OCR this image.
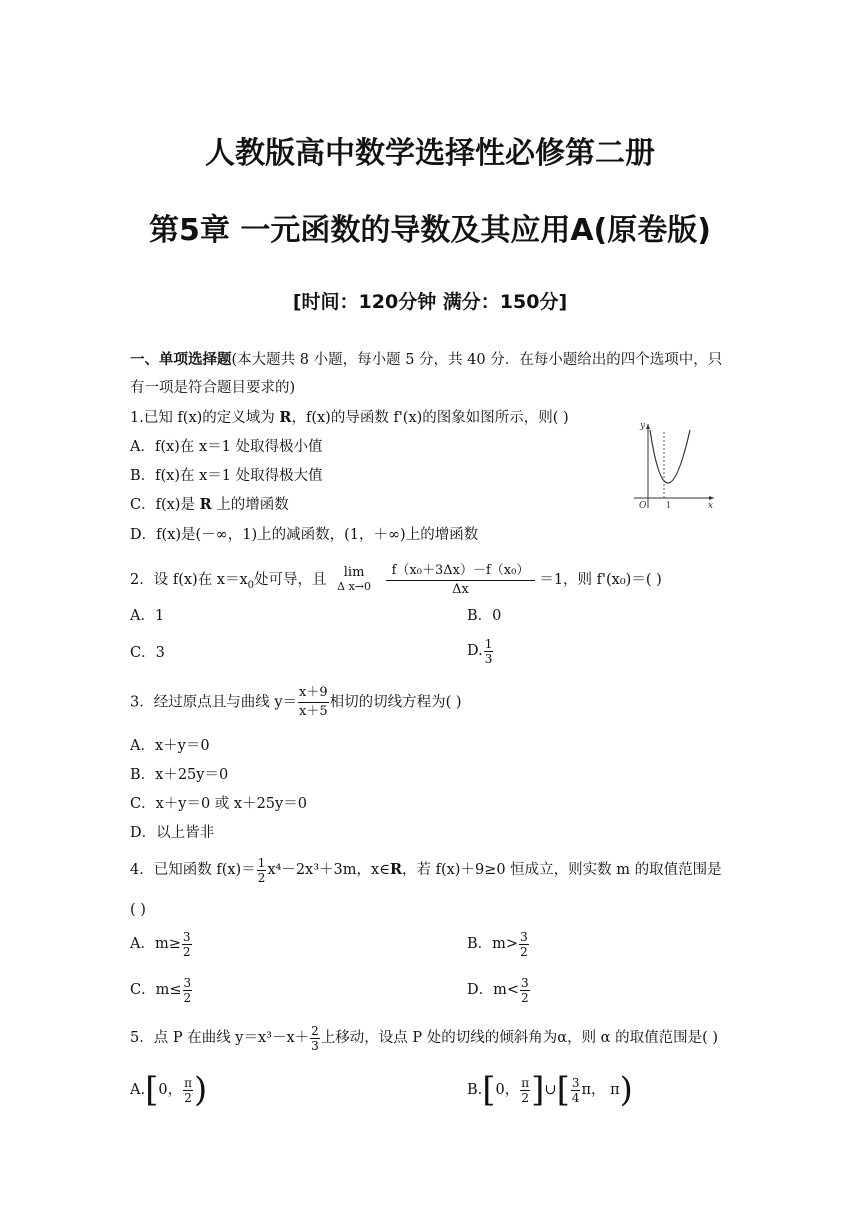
人教版高中数学选择性必修第二册
第5章 一元函数的导数及其应用A(原卷版)
[时间：120分钟 满分：150分]
一、单项选择题(本大题共 8 小题，每小题 5 分，共 40 分．在每小题给出的四个选项中，只
有一项是符合题目要求的)
1.已知 f(x)的定义域为 R，f(x)的导函数 f'(x)的图象如图所示，则( )
A．f(x)在 x＝1 处取得极小值
B．f(x)在 x＝1 处取得极大值
C．f(x)是 R 上的增函数
D．f(x)是(－∞，1)上的减函数，(1，＋∞)上的增函数
y
x
O 1
2．设 f(x)在 $x=x_0$处可导，且	lim
Δ x→0
$\frac{\text{f（x₀＋3Δx）－f（x₀）}}{\Delta x} =1$，则 f'(x₀)＝( )
A．1	B．0
C．3	D. $\frac{1}{3}$
3．经过原点且与曲线 $y= \frac{x+9}{x+5}$ 相切的切线方程为( )
A．x＋y＝0
B．x＋25y＝0
C．x＋y＝0 或 x＋25y＝0
D．以上皆非
4．已知函数 $f(x)= \frac{1}{2} x^4-2x^3+3m$，x∈R，若 f(x)＋9≥0 恒成立，则实数 m 的取值范围是
( )
A．$m\ge \frac{3}{2}$	B．$m> \frac{3}{2}$
C．$m\le \frac{3}{2}$	D．$m< \frac{3}{2}$
5．点 P 在曲线 $y=x^3-x+ \frac{2}{3}$ 上移动，设点 P 处的切线的倾斜角为α，则 α 的取值范围是( )
A.[0， $\frac{\pi}{2}$ )	B.[0， $\frac{\pi}{2}$ ]∪[ $\frac{3}{4}$ π， π)
